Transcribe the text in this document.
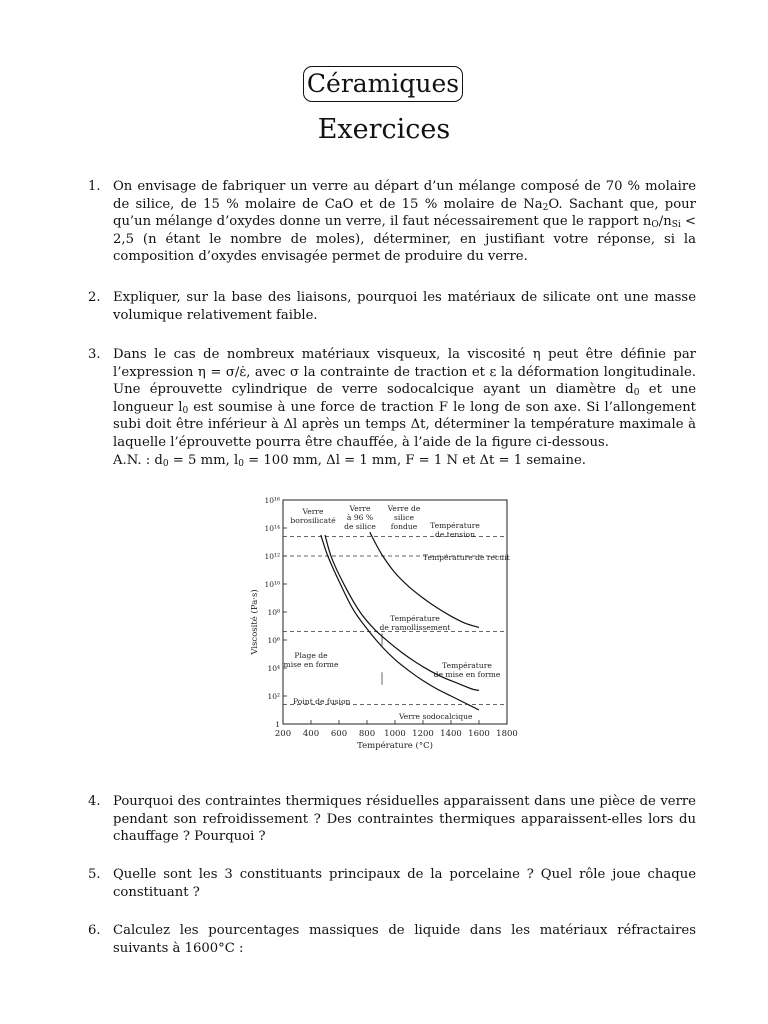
Céramiques
Exercices
1. On envisage de fabriquer un verre au départ d’un mélange composé de 70 % molaire de silice, de 15 % molaire de CaO et de 15 % molaire de $Na_2O$. Sachant que, pour qu’un mélange d’oxydes donne un verre, il faut nécessairement que le rapport $n_O/n_{Si} < 2,5$ (n étant le nombre de moles), déterminer, en justifiant votre réponse, si la composition d’oxydes envisagée permet de produire du verre.
2. Expliquer, sur la base des liaisons, pourquoi les matériaux de silicate ont une masse volumique relativement faible.
3. Dans le cas de nombreux matériaux visqueux, la viscosité η peut être définie par l’expression η = σ/ε̇, avec σ la contrainte de traction et ε la déformation longitudinale. Une éprouvette cylindrique de verre sodocalcique ayant un diamètre $d_0$ et une longueur $l_0$ est soumise à une force de traction F le long de son axe. Si l’allongement subi doit être inférieur à Δl après un temps Δt, déterminer la température maximale à laquelle l’éprouvette pourra être chauffée, à l’aide de la figure ci-dessous.
A.N. : $d_0 = 5$ mm, $l_0 = 100$ mm, Δl = 1 mm, F = 1 N et Δt = 1 semaine.
200 400 600 800 1000 1200 1400 1600 1800
10¹⁶
10¹⁴
10¹²
10¹⁰
10⁸
10⁶
10⁴
10²
1
Température (°C)
Viscosité (Pa·s)
Verre
borosilicaté
Verre
à 96 %
de silice
Verre de
silice
fondue Température
de tension
Température de recuit
Température
de ramollissement
Plage de
mise en forme	Température
de mise en forme
Point de fusion
Verre sodocalcique
4. Pourquoi des contraintes thermiques résiduelles apparaissent dans une pièce de verre pendant son refroidissement ? Des contraintes thermiques apparaissent-elles lors du chauffage ? Pourquoi ?
5. Quelle sont les 3 constituants principaux de la porcelaine ? Quel rôle joue chaque constituant ?
6. Calculez les pourcentages massiques de liquide dans les matériaux réfractaires suivants à 1600°C :
